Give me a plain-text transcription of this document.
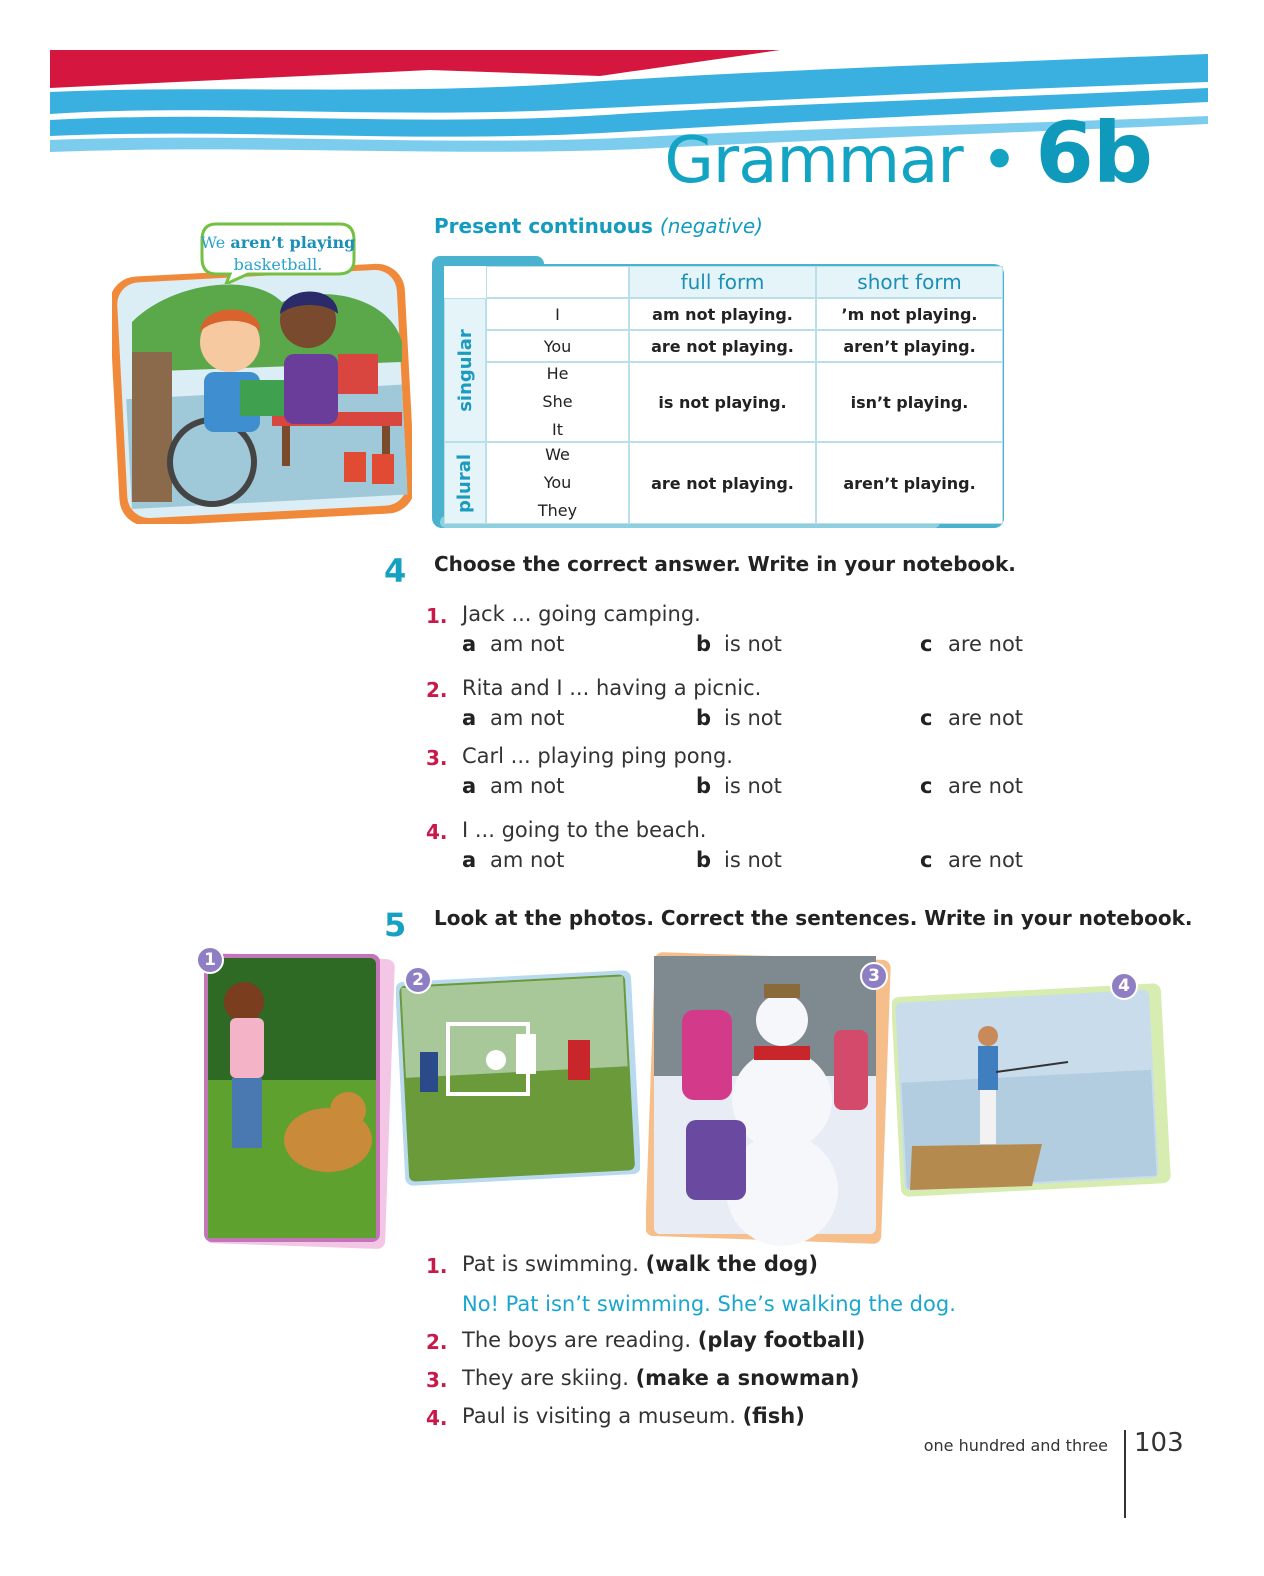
Grammar • 6b
We aren’t playing
basketball.
Present continuous (negative)
full form	short form
singular
plural
I	am not playing.	’m not playing.
You	are not playing.	aren’t playing.
He
She
It
is not playing.	isn’t playing.
We
You
They
are not playing.	aren’t playing.
4 Choose the correct answer. Write in your notebook.
1. Jack ... going camping.
a am not	b is not	c are not
2. Rita and I ... having a picnic.
a am not	b is not	c are not
3. Carl ... playing ping pong.
a am not	b is not	c are not
4. I ... going to the beach.
a am not	b is not	c are not
5 Look at the photos. Correct the sentences. Write in your notebook.
1
2	3	4
1. Pat is swimming. (walk the dog)
No! Pat isn’t swimming. She’s walking the dog.
2. The boys are reading. (play football)
3. They are skiing. (make a snowman)
4. Paul is visiting a museum. (fish)
one hundred and three 103
